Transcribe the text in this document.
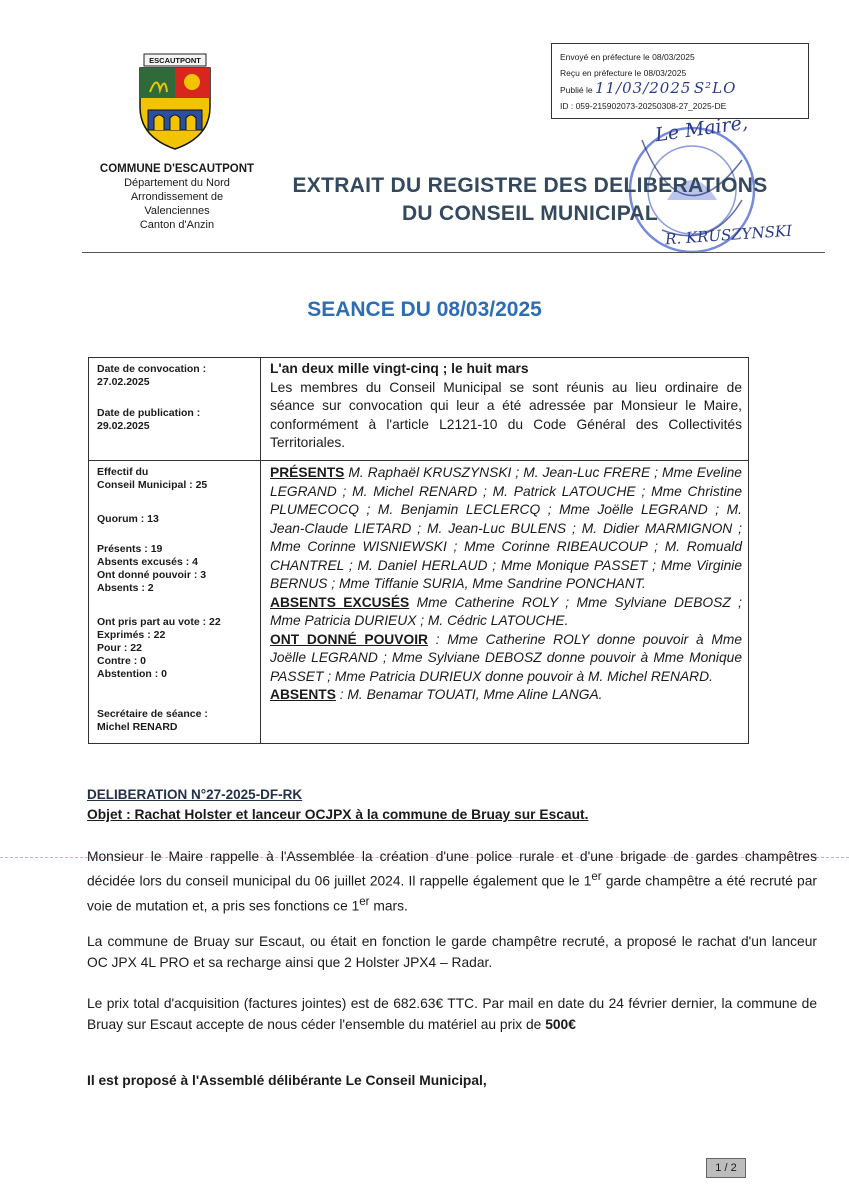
ESCAUTPONT	Envoyé en préfecture le 08/03/2025
Reçu en préfecture le 08/03/2025
Publié le 11/03/2025 S²LO
ID : 059-215902073-20250308-27_2025-DE
Le Maire,
R. KRUSZYNSKI
COMMUNE D'ESCAUTPONT
Département du Nord
Arrondissement de
Valenciennes
Canton d'Anzin
EXTRAIT DU REGISTRE DES DELIBERATIONS
DU CONSEIL MUNICIPAL
SEANCE DU 08/03/2025
Date de convocation :
27.02.2025
Date de publication :
29.02.2025
Effectif du
Conseil Municipal : 25
Quorum : 13
Présents : 19
Absents excusés : 4
Ont donné pouvoir : 3
Absents : 2
Ont pris part au vote : 22
Exprimés : 22
Pour : 22
Contre : 0
Abstention : 0
Secrétaire de séance :
Michel RENARD
L'an deux mille vingt-cinq ; le huit mars
Les membres du Conseil Municipal se sont réunis au lieu ordinaire de séance sur convocation qui leur a été adressée par Monsieur le Maire, conformément à l'article L2121-10 du Code Général des Collectivités Territoriales.
PRÉSENTS M. Raphaël KRUSZYNSKI ; M. Jean-Luc FRERE ; Mme Eveline LEGRAND ; M. Michel RENARD ; M. Patrick LATOUCHE ; Mme Christine PLUMECOCQ ; M. Benjamin LECLERCQ ; Mme Joëlle LEGRAND ; M. Jean-Claude LIETARD ; M. Jean-Luc BULENS ; M. Didier MARMIGNON ; Mme Corinne WISNIEWSKI ; Mme Corinne RIBEAUCOUP ; M. Romuald CHANTREL ; M. Daniel HERLAUD ; Mme Monique PASSET ; Mme Virginie BERNUS ; Mme Tiffanie SURIA, Mme Sandrine PONCHANT.
ABSENTS EXCUSÉS Mme Catherine ROLY ; Mme Sylviane DEBOSZ ; Mme Patricia DURIEUX ; M. Cédric LATOUCHE.
ONT DONNÉ POUVOIR : Mme Catherine ROLY donne pouvoir à Mme Joëlle LEGRAND ; Mme Sylviane DEBOSZ donne pouvoir à Mme Monique PASSET ; Mme Patricia DURIEUX donne pouvoir à M. Michel RENARD.
ABSENTS : M. Benamar TOUATI, Mme Aline LANGA.
DELIBERATION N°27-2025-DF-RK
Objet : Rachat Holster et lanceur OCJPX à la commune de Bruay sur Escaut.
Monsieur le Maire rappelle à l'Assemblée la création d'une police rurale et d'une brigade de gardes champêtres décidée lors du conseil municipal du 06 juillet 2024. Il rappelle également que le 1er garde champêtre a été recruté par voie de mutation et, a pris ses fonctions ce 1er mars.
La commune de Bruay sur Escaut, ou était en fonction le garde champêtre recruté, a proposé le rachat d'un lanceur OC JPX 4L PRO et sa recharge ainsi que 2 Holster JPX4 – Radar.
Le prix total d'acquisition (factures jointes) est de 682.63€ TTC. Par mail en date du 24 février dernier, la commune de Bruay sur Escaut accepte de nous céder l'ensemble du matériel au prix de 500€
Il est proposé à l'Assemblé délibérante Le Conseil Municipal,
1 / 2
